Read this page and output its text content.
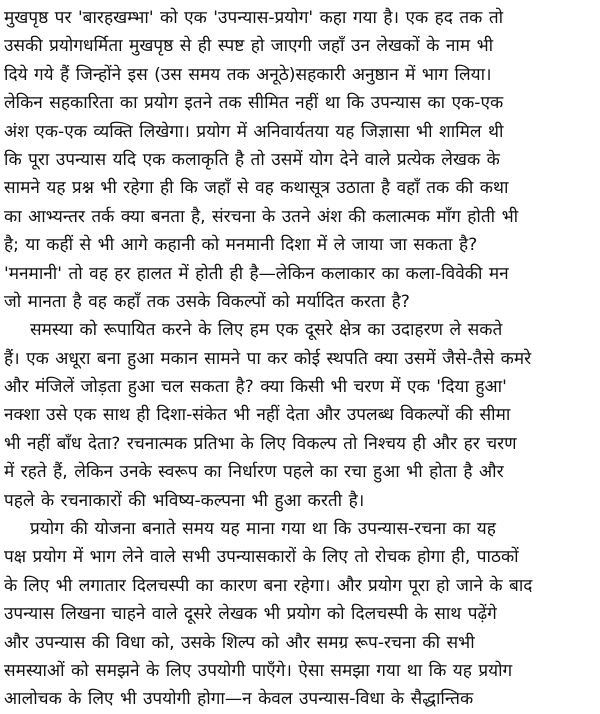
मुखपृष्ठ पर 'बारहखम्भा' को एक 'उपन्यास-प्रयोग' कहा गया है। एक हद तक तो
उसकी प्रयोगधर्मिता मुखपृष्ठ से ही स्पष्ट हो जाएगी जहाँ उन लेखकों के नाम भी
दिये गये हैं जिन्होंने इस (उस समय तक अनूठे)सहकारी अनुष्ठान में भाग लिया।
लेकिन सहकारिता का प्रयोग इतने तक सीमित नहीं था कि उपन्यास का एक-एक
अंश एक-एक व्यक्ति लिखेगा। प्रयोग में अनिवार्यतया यह जिज्ञासा भी शामिल थी
कि पूरा उपन्यास यदि एक कलाकृति है तो उसमें योग देने वाले प्रत्येक लेखक के
सामने यह प्रश्न भी रहेगा ही कि जहाँ से वह कथासूत्र उठाता है वहाँ तक की कथा
का आभ्यन्तर तर्क क्या बनता है, संरचना के उतने अंश की कलात्मक माँग होती भी
है; या कहीं से भी आगे कहानी को मनमानी दिशा में ले जाया जा सकता है?
'मनमानी' तो वह हर हालत में होती ही है—लेकिन कलाकार का कला-विवेकी मन
जो मानता है वह कहाँ तक उसके विकल्पों को मर्यादित करता है?
समस्या को रूपायित करने के लिए हम एक दूसरे क्षेत्र का उदाहरण ले सकते
हैं। एक अधूरा बना हुआ मकान सामने पा कर कोई स्थपति क्या उसमें जैसे-तैसे कमरे
और मंजिलें जोड़ता हुआ चल सकता है? क्या किसी भी चरण में एक 'दिया हुआ'
नक्शा उसे एक साथ ही दिशा-संकेत भी नहीं देता और उपलब्ध विकल्पों की सीमा
भी नहीं बाँध देता? रचनात्मक प्रतिभा के लिए विकल्प तो निश्चय ही और हर चरण
में रहते हैं, लेकिन उनके स्वरूप का निर्धारण पहले का रचा हुआ भी होता है और
पहले के रचनाकारों की भविष्य-कल्पना भी हुआ करती है।
प्रयोग की योजना बनाते समय यह माना गया था कि उपन्यास-रचना का यह
पक्ष प्रयोग में भाग लेने वाले सभी उपन्यासकारों के लिए तो रोचक होगा ही, पाठकों
के लिए भी लगातार दिलचस्पी का कारण बना रहेगा। और प्रयोग पूरा हो जाने के बाद
उपन्यास लिखना चाहने वाले दूसरे लेखक भी प्रयोग को दिलचस्पी के साथ पढ़ेंगे
और उपन्यास की विधा को, उसके शिल्प को और समग्र रूप-रचना की सभी
समस्याओं को समझने के लिए उपयोगी पाएँगे। ऐसा समझा गया था कि यह प्रयोग
आलोचक के लिए भी उपयोगी होगा—न केवल उपन्यास-विधा के सैद्धान्तिक
